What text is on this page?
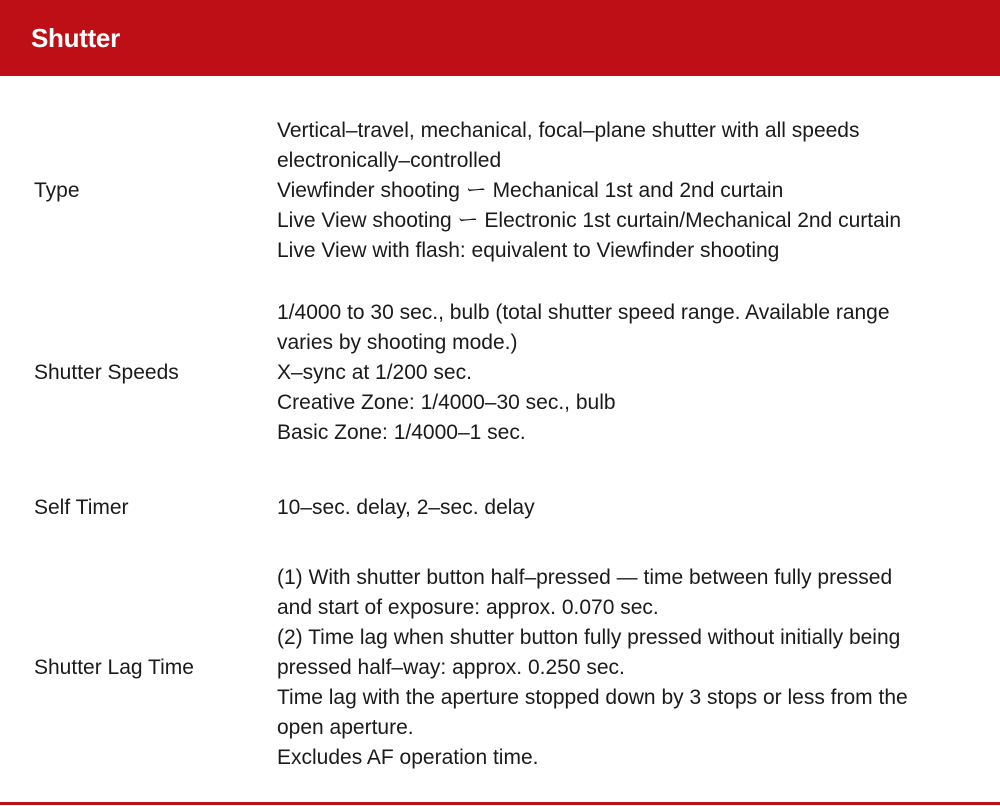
Shutter
Type
Vertical–travel, mechanical, focal–plane shutter with all speeds
electronically–controlled
Viewfinder shooting ー Mechanical 1st and 2nd curtain
Live View shooting ー Electronic 1st curtain/Mechanical 2nd curtain
Live View with flash: equivalent to Viewfinder shooting
Shutter Speeds
1/4000 to 30 sec., bulb (total shutter speed range. Available range
varies by shooting mode.)
X–sync at 1/200 sec.
Creative Zone: 1/4000–30 sec., bulb
Basic Zone: 1/4000–1 sec.
Self Timer	10–sec. delay, 2–sec. delay
Shutter Lag Time
(1) With shutter button half–pressed — time between fully pressed
and start of exposure: approx. 0.070 sec.
(2) Time lag when shutter button fully pressed without initially being
pressed half–way: approx. 0.250 sec.
Time lag with the aperture stopped down by 3 stops or less from the
open aperture.
Excludes AF operation time.
